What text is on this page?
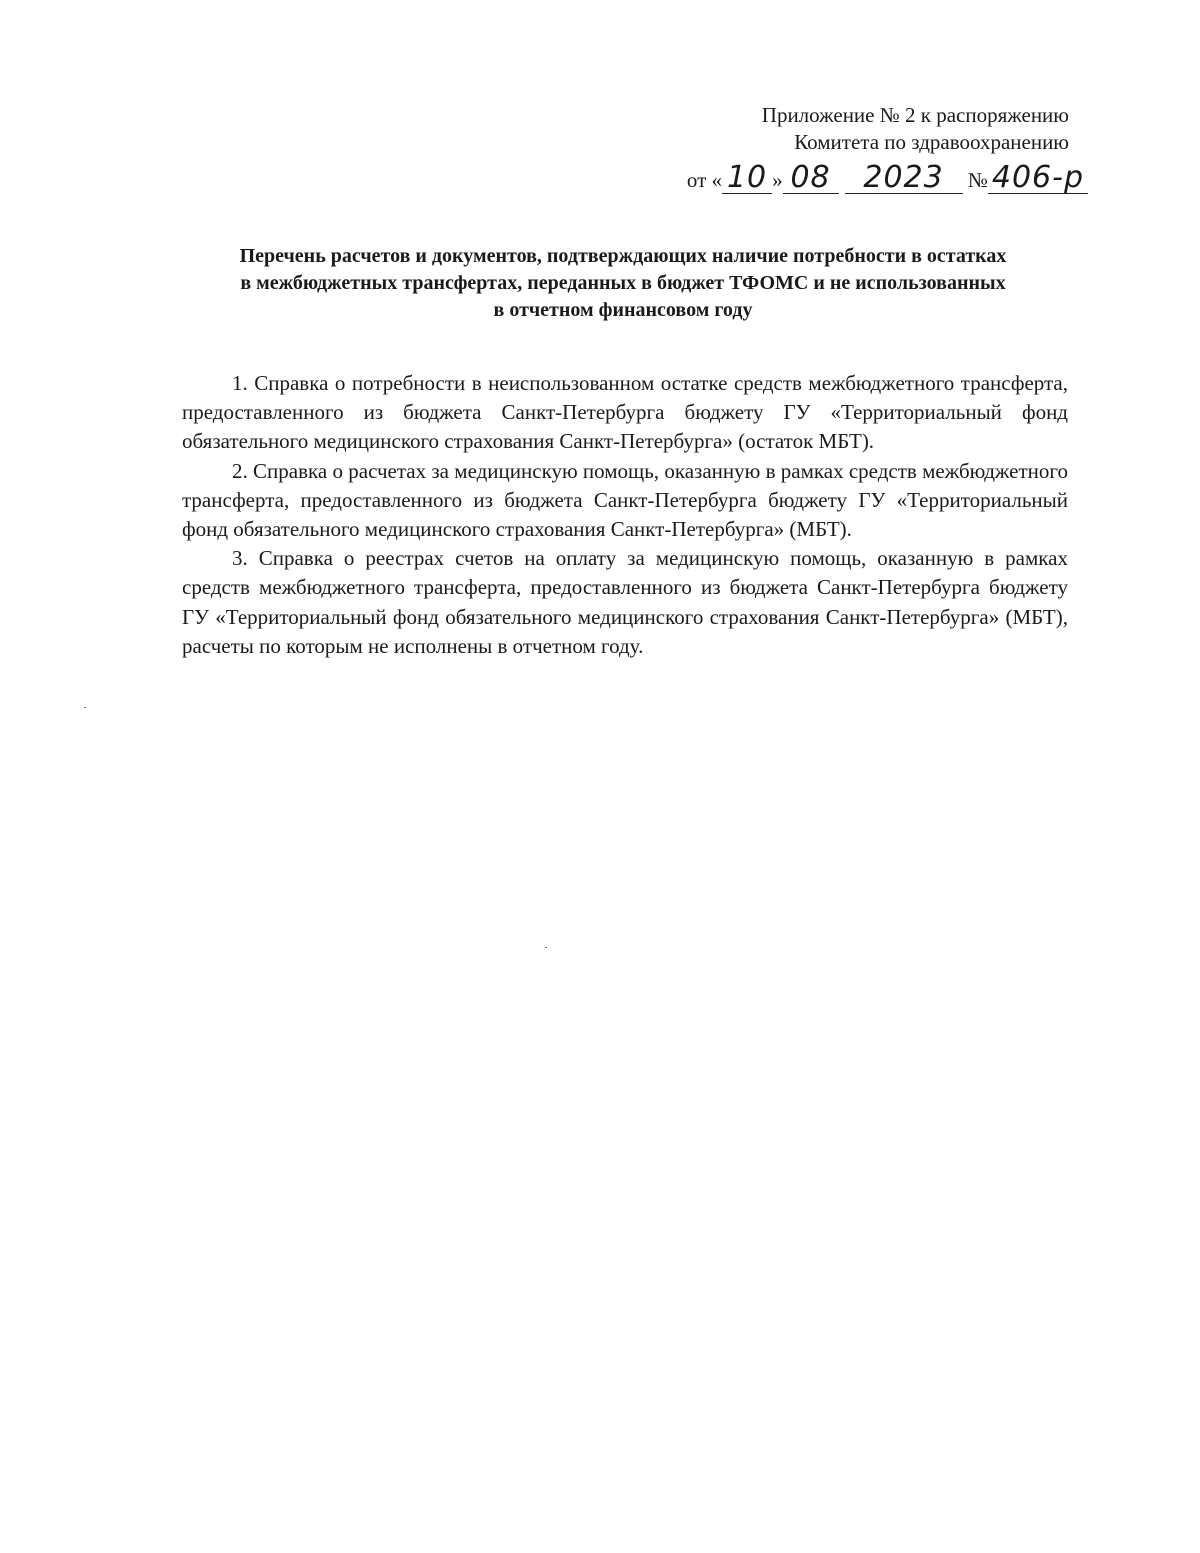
Приложение № 2 к распоряжению
Комитета по здравоохранению
от « 10 » 08 2023 № 406-р
Перечень расчетов и документов, подтверждающих наличие потребности в остатках
в межбюджетных трансфертах, переданных в бюджет ТФОМС и не использованных
в отчетном финансовом году

1. Справка о потребности в неиспользованном остатке средств межбюджетного трансферта, предоставленного из бюджета Санкт-Петербурга бюджету ГУ «Территориальный фонд обязательного медицинского страхования Санкт-Петербурга» (остаток МБТ).

2. Справка о расчетах за медицинскую помощь, оказанную в рамках средств межбюджетного трансферта, предоставленного из бюджета Санкт-Петербурга бюджету ГУ «Территориальный фонд обязательного медицинского страхования Санкт-Петербурга» (МБТ).

3. Справка о реестрах счетов на оплату за медицинскую помощь, оказанную в рамках средств межбюджетного трансферта, предоставленного из бюджета Санкт-Петербурга бюджету ГУ «Территориальный фонд обязательного медицинского страхования Санкт-Петербурга» (МБТ), расчеты по которым не исполнены в отчетном году.
